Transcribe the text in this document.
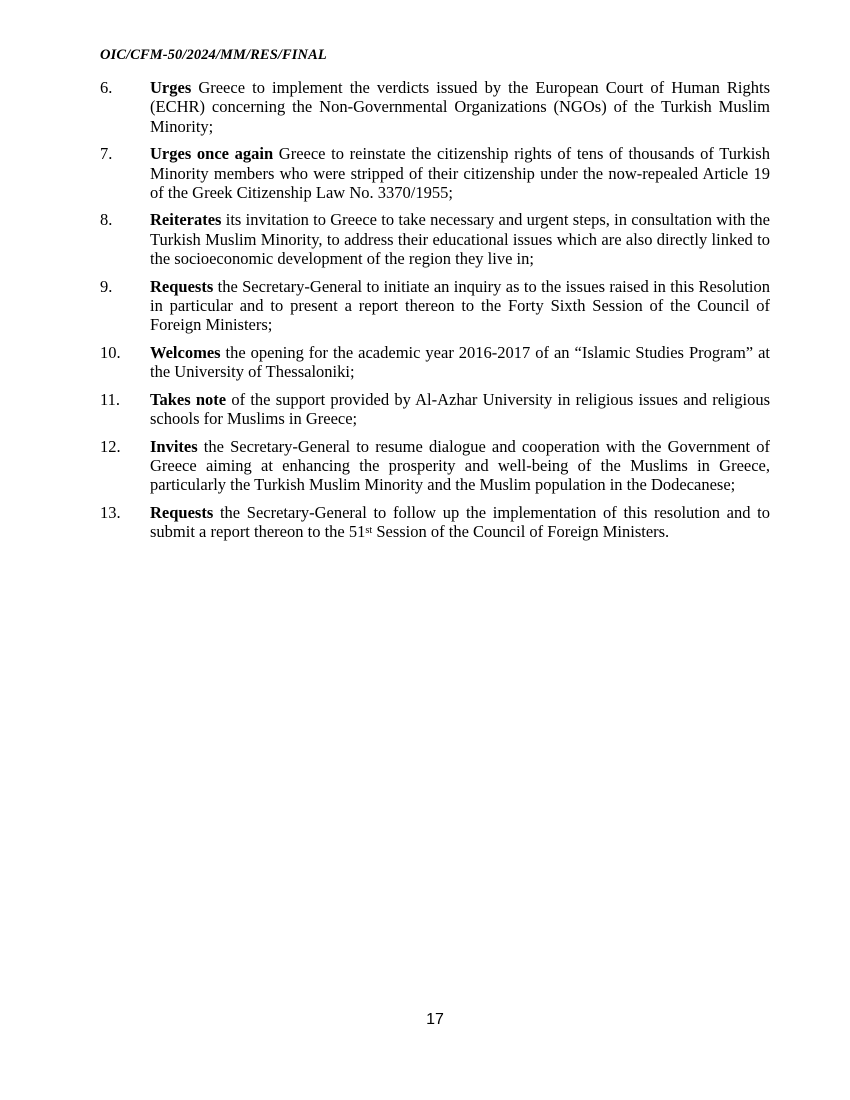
OIC/CFM-50/2024/MM/RES/FINAL

6. Urges Greece to implement the verdicts issued by the European Court of Human Rights (ECHR) concerning the Non-Governmental Organizations (NGOs) of the Turkish Muslim Minority;

7. Urges once again Greece to reinstate the citizenship rights of tens of thousands of Turkish Minority members who were stripped of their citizenship under the now-repealed Article 19 of the Greek Citizenship Law No. 3370/1955;

8. Reiterates its invitation to Greece to take necessary and urgent steps, in consultation with the Turkish Muslim Minority, to address their educational issues which are also directly linked to the socioeconomic development of the region they live in;

9. Requests the Secretary-General to initiate an inquiry as to the issues raised in this Resolution in particular and to present a report thereon to the Forty Sixth Session of the Council of Foreign Ministers;

10. Welcomes the opening for the academic year 2016-2017 of an “Islamic Studies Program” at the University of Thessaloniki;

11. Takes note of the support provided by Al-Azhar University in religious issues and religious schools for Muslims in Greece;

12. Invites the Secretary-General to resume dialogue and cooperation with the Government of Greece aiming at enhancing the prosperity and well-being of the Muslims in Greece, particularly the Turkish Muslim Minority and the Muslim population in the Dodecanese;

13. Requests the Secretary-General to follow up the implementation of this resolution and to submit a report thereon to the 51st Session of the Council of Foreign Ministers.

17
